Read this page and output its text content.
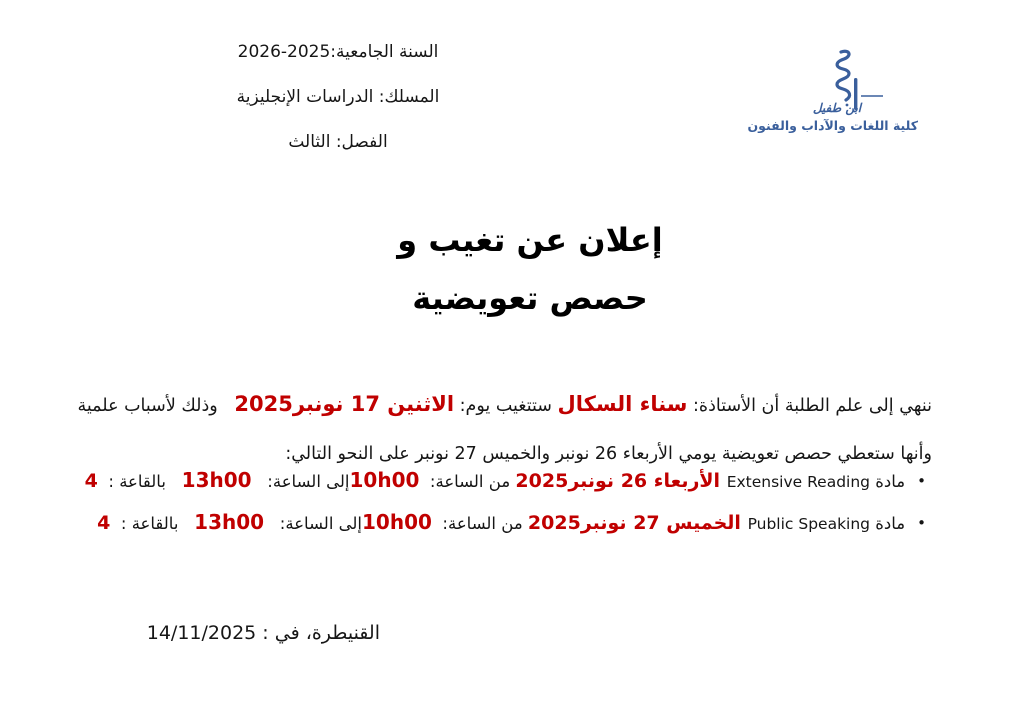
السنة الجامعية:2026-2025
المسلك: الدراسات الإنجليزية
الفصل: الثالث
ابن طفيل
كلية اللغات والآداب والفنون
إعلان عن تغيب و
حصص تعويضية

ننهي إلى علم الطلبة أن الأستاذة: سناء السكال ستتغيب يوم: الاثنين 17 نونبر2025   وذلك لأسباب علمية

وأنها ستعطي حصص تعويضية يومي الأربعاء 26 نونبر والخميس 27 نونبر على النحو التالي:

•مادة Extensive Reading الأربعاء 26 نونبر2025 من الساعة:  10h00إلى الساعة:   13h00   بالقاعة :  4
•مادة Public Speaking الخميس 27 نونبر2025 من الساعة:  10h00إلى الساعة:   13h00   بالقاعة :  4
القنيطرة، في : 14/11/2025
